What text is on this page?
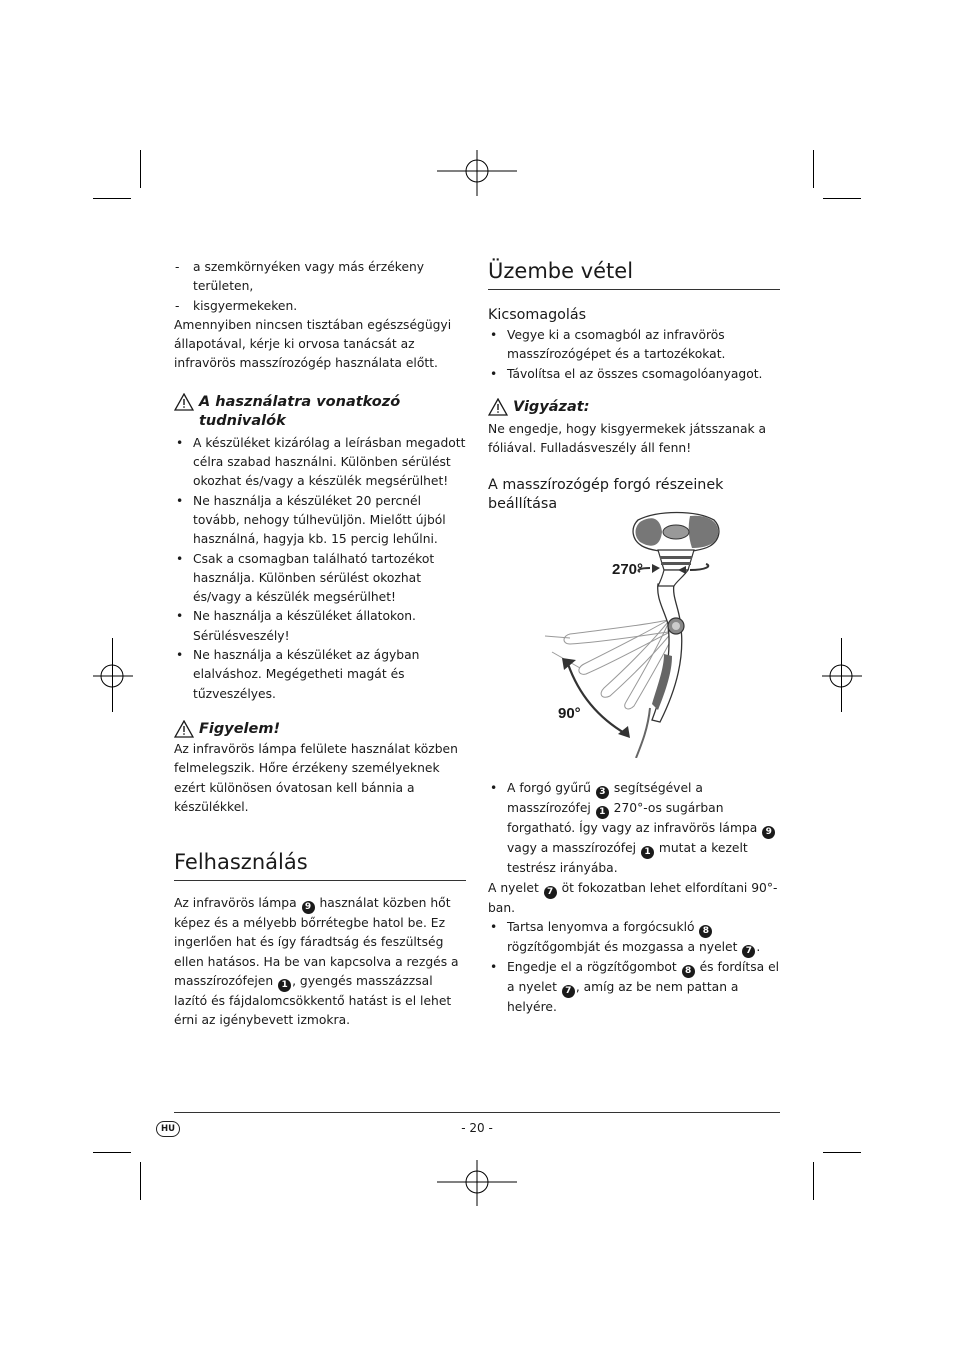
- a szemkörnyéken vagy más érzékeny területen,
- kisgyermekeken.

Amennyiben nincsen tisztában egészségügyi állapotával, kérje ki orvosa tanácsát az infravörös masszírozógép használata előtt.

A használatra vonatkozó tudnivalók
• A készüléket kizárólag a leírásban megadott célra szabad használni. Különben sérülést okozhat és/vagy a készülék megsérülhet!
• Ne használja a készüléket 20 percnél tovább, nehogy túlhevüljön. Mielőtt újból használná, hagyja kb. 15 percig lehűlni.
• Csak a csomagban található tartozékot használja. Különben sérülést okozhat és/vagy a készülék megsérülhet!
• Ne használja a készüléket állatokon. Sérülésveszély!
• Ne használja a készüléket az ágyban elalváshoz. Megégetheti magát és tűzveszélyes.
Figyelem!

Az infravörös lámpa felülete használat közben felmelegszik. Hőre érzékeny személyeknek ezért különösen óvatosan kell bánnia a készülékkel.

Felhasználás

Az infravörös lámpa 9 használat közben hőt képez és a mélyebb bőrrétegbe hatol be. Ez ingerlően hat és így fáradtság és feszültség ellen hatásos. Ha be van kapcsolva a rezgés a masszírozófejen 1 , gyengés masszázzsal lazító és fájdalomcsökkentő hatást is el lehet érni az igénybevett izmokra.

Üzembe vétel
Kicsomagolás
• Vegye ki a csomagból az infravörös masszírozógépet és a tartozékokat.
• Távolítsa el az összes csomagolóanyagot.
Vigyázat:

Ne engedje, hogy kisgyermekek játsszanak a fóliával. Fulladásveszély áll fenn!

A masszírozógép forgó részeinek beállítása
• A forgó gyűrű 3 segítségével a masszírozófej 1 270°-os sugárban forgatható. Így vagy az infravörös lámpa 9 vagy a masszírozófej 1 mutat a kezelt testrész irányába.

A nyelet 7 öt fokozatban lehet elfordítani 90°-ban.

• Tartsa lenyomva a forgócsukló 8 rögzítőgombját és mozgassa a nyelet 7 .
• Engedje el a rögzítőgombot 8 és fordítsa el a nyelet 7 , amíg az be nem pattan a helyére.
270°
90°
HU	- 20 -
